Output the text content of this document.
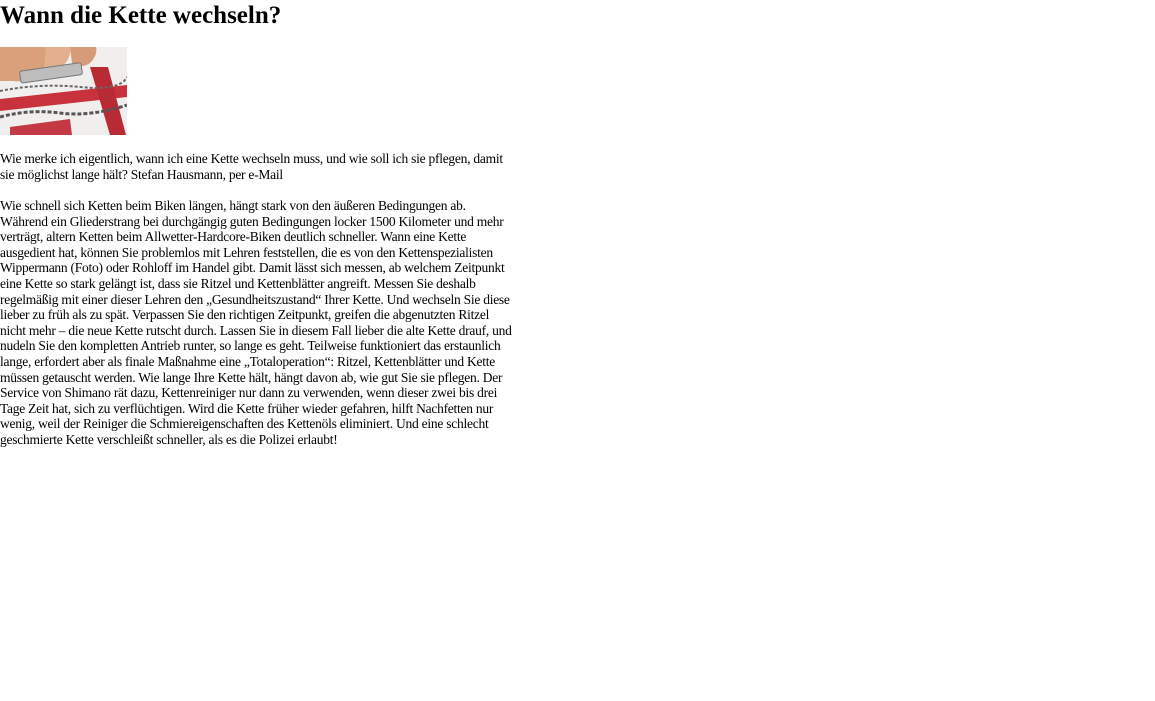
Wann die Kette wechseln?

Wie merke ich eigentlich, wann ich eine Kette wechseln muss, und wie soll ich sie pflegen, damit sie möglichst lange hält? Stefan Hausmann, per e-Mail

Wie schnell sich Ketten beim Biken längen, hängt stark von den äußeren Bedingungen ab. Während ein Gliederstrang bei durchgängig guten Bedingungen locker 1500 Kilometer und mehr verträgt, altern Ketten beim Allwetter-Hardcore-Biken deutlich schneller. Wann eine Kette ausgedient hat, können Sie problemlos mit Lehren feststellen, die es von den Kettenspezialisten Wippermann (Foto) oder Rohloff im Handel gibt. Damit lässt sich messen, ab welchem Zeitpunkt eine Kette so stark gelängt ist, dass sie Ritzel und Kettenblätter angreift. Messen Sie deshalb regelmäßig mit einer dieser Lehren den „Gesundheitszustand“ Ihrer Kette. Und wechseln Sie diese lieber zu früh als zu spät. Verpassen Sie den richtigen Zeitpunkt, greifen die abgenutzten Ritzel nicht mehr – die neue Kette rutscht durch. Lassen Sie in diesem Fall lieber die alte Kette drauf, und nudeln Sie den kompletten Antrieb runter, so lange es geht. Teilweise funktioniert das erstaunlich lange, erfordert aber als finale Maßnahme eine „Totaloperation“: Ritzel, Kettenblätter und Kette müssen getauscht werden. Wie lange Ihre Kette hält, hängt davon ab, wie gut Sie sie pflegen. Der Service von Shimano rät dazu, Kettenreiniger nur dann zu verwenden, wenn dieser zwei bis drei Tage Zeit hat, sich zu verflüchtigen. Wird die Kette früher wieder gefahren, hilft Nachfetten nur wenig, weil der Reiniger die Schmiereigenschaften des Kettenöls eliminiert. Und eine schlecht geschmierte Kette verschleißt schneller, als es die Polizei erlaubt!
